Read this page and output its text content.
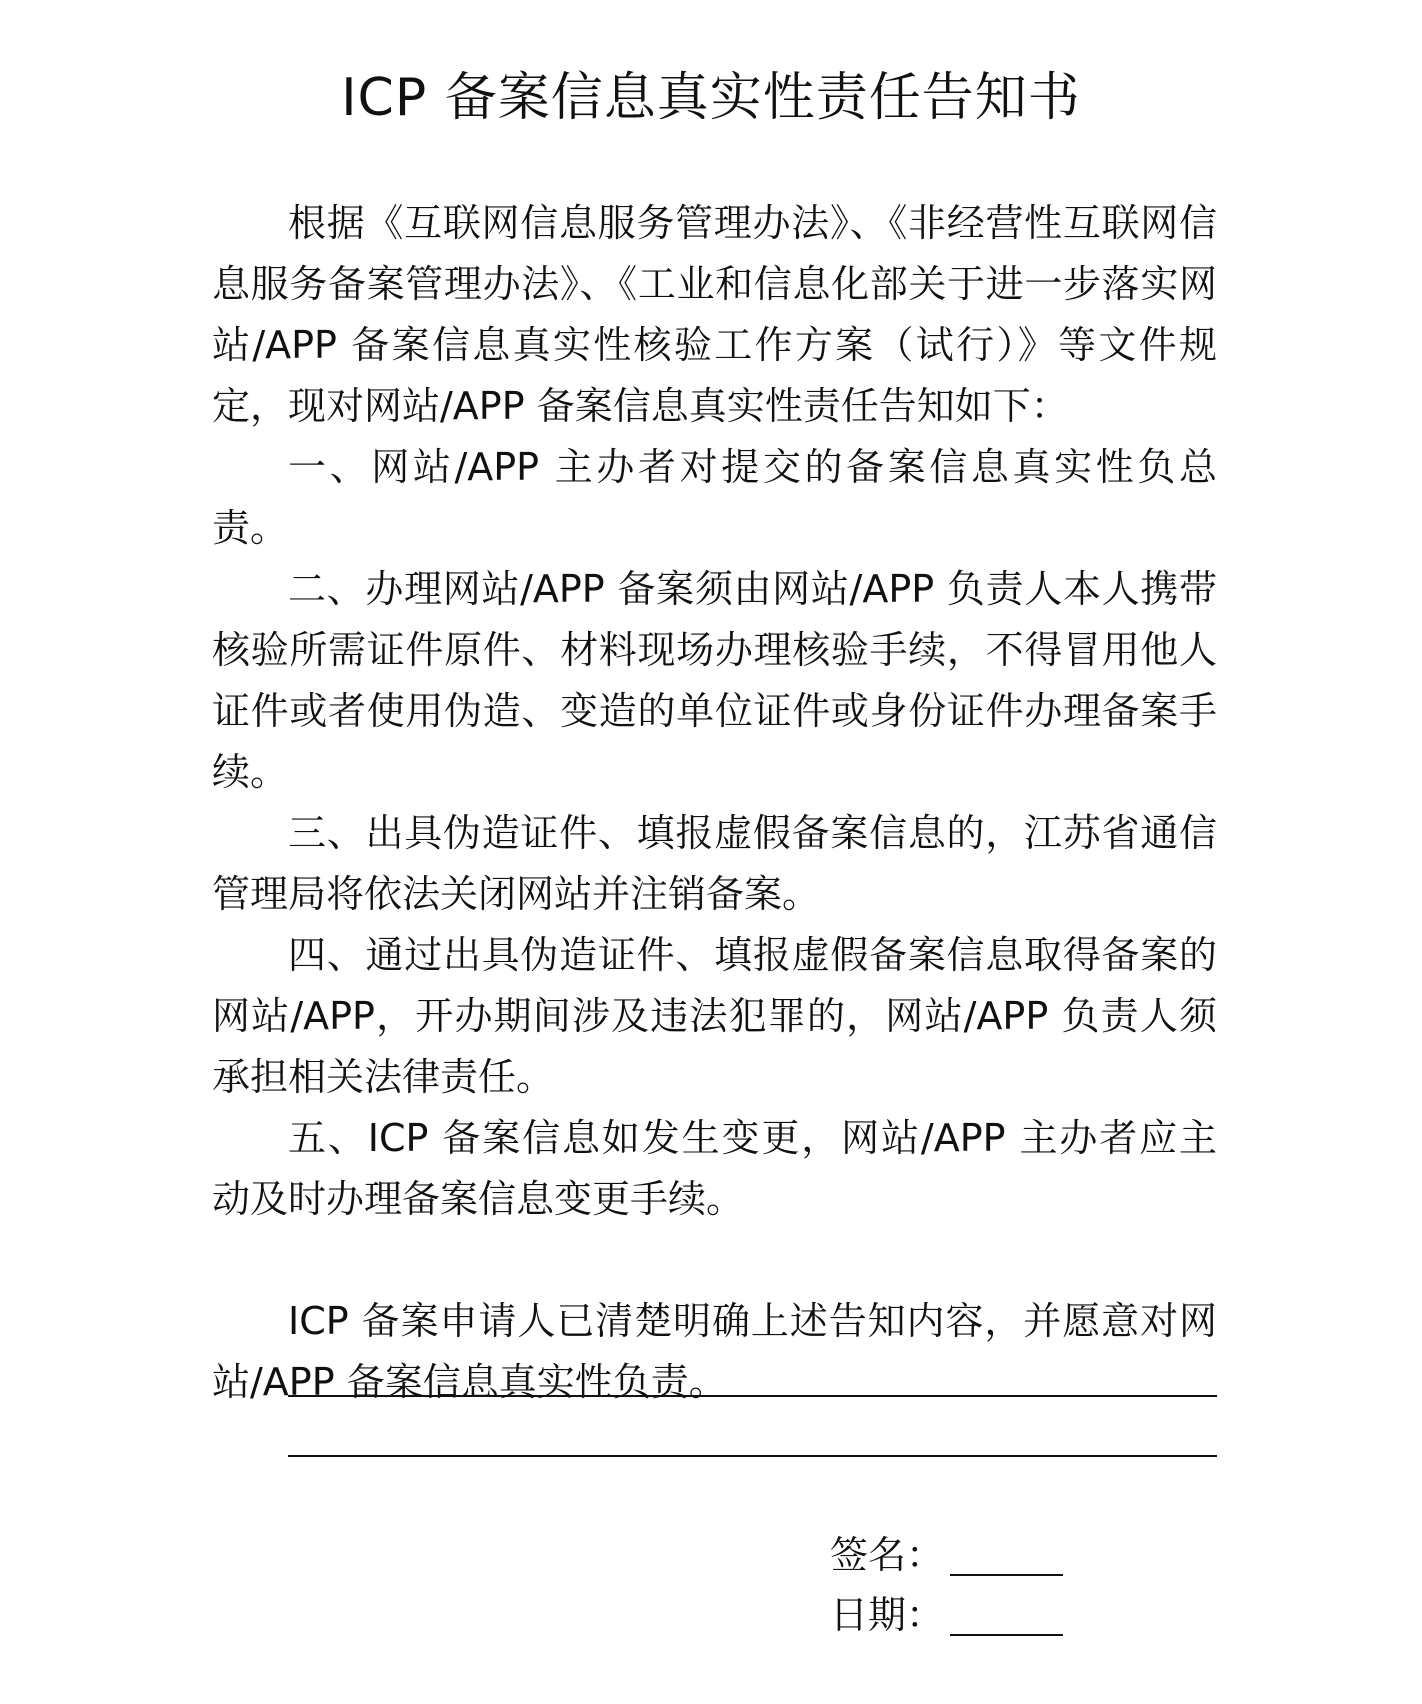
ICP 备案信息真实性责任告知书

根据《互联网信息服务管理办法》、《非经营性互联网信息服务备案管理办法》、《工业和信息化部关于进一步落实网站/APP 备案信息真实性核验工作方案（试行）》等文件规定，现对网站/APP 备案信息真实性责任告知如下：

一、网站/APP 主办者对提交的备案信息真实性负总责。

二、办理网站/APP 备案须由网站/APP 负责人本人携带核验所需证件原件、材料现场办理核验手续，不得冒用他人证件或者使用伪造、变造的单位证件或身份证件办理备案手续。

三、出具伪造证件、填报虚假备案信息的，江苏省通信管理局将依法关闭网站并注销备案。

四、通过出具伪造证件、填报虚假备案信息取得备案的网站/APP，开办期间涉及违法犯罪的，网站/APP 负责人须承担相关法律责任。

五、ICP 备案信息如发生变更，网站/APP 主办者应主动及时办理备案信息变更手续。

ICP 备案申请人已清楚明确上述告知内容，并愿意对网站/APP 备案信息真实性负责。

签名：
日期：
